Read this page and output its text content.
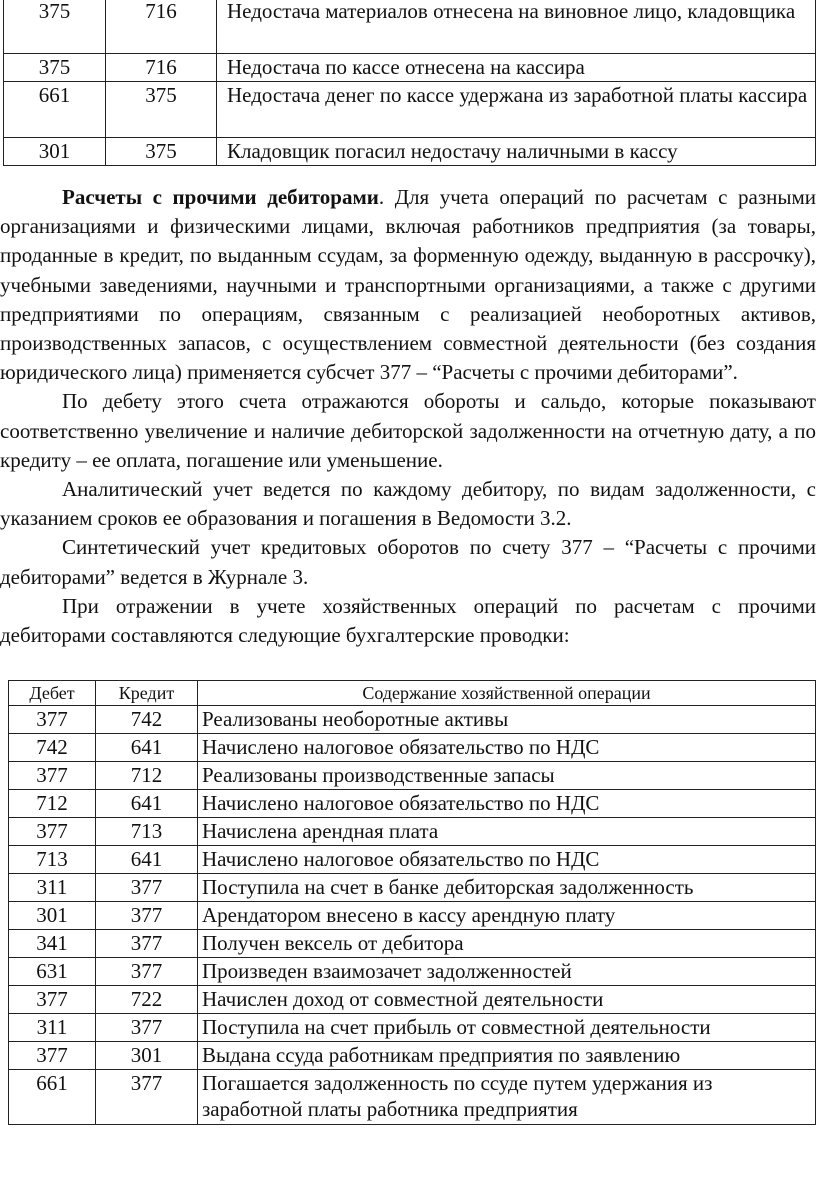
375	716	Недостача материалов отнесена на виновное лицо, кладовщика
375	716	Недостача по кассе отнесена на кассира
661	375	Недостача денег по кассе удержана из заработной платы кассира
301	375	Кладовщик погасил недостачу наличными в кассу

Расчеты с прочими дебиторами. Для учета операций по расчетам с разными организациями и физическими лицами, включая работников предприятия (за товары, проданные в кредит, по выданным ссудам, за форменную одежду, выданную в рассрочку), учебными заведениями, научными и транспортными организациями, а также с другими предприятиями по операциям, связанным с реализацией необоротных активов, производственных запасов, с осуществлением совместной деятельности (без создания юридического лица) применяется субсчет 377 – “Расчеты с прочими дебиторами”.

По дебету этого счета отражаются обороты и сальдо, которые показывают соответственно увеличение и наличие дебиторской задолженности на отчетную дату, а по кредиту – ее оплата, погашение или уменьшение.

Аналитический учет ведется по каждому дебитору, по видам задолженности, с указанием сроков ее образования и погашения в Ведомости 3.2.

Синтетический учет кредитовых оборотов по счету 377 – “Расчеты с прочими дебиторами” ведется в Журнале 3.

При отражении в учете хозяйственных операций по расчетам с прочими дебиторами составляются следующие бухгалтерские проводки:

Дебет	Кредит	Содержание хозяйственной операции
377	742	Реализованы необоротные активы
742	641	Начислено налоговое обязательство по НДС
377	712	Реализованы производственные запасы
712	641	Начислено налоговое обязательство по НДС
377	713	Начислена арендная плата
713	641	Начислено налоговое обязательство по НДС
311	377	Поступила на счет в банке дебиторская задолженность
301	377	Арендатором внесено в кассу арендную плату
341	377	Получен вексель от дебитора
631	377	Произведен взаимозачет задолженностей
377	722	Начислен доход от совместной деятельности
311	377	Поступила на счет прибыль от совместной деятельности
377	301	Выдана ссуда работникам предприятия по заявлению
661	377	Погашается задолженность по ссуде путем удержания из заработной платы работника предприятия
